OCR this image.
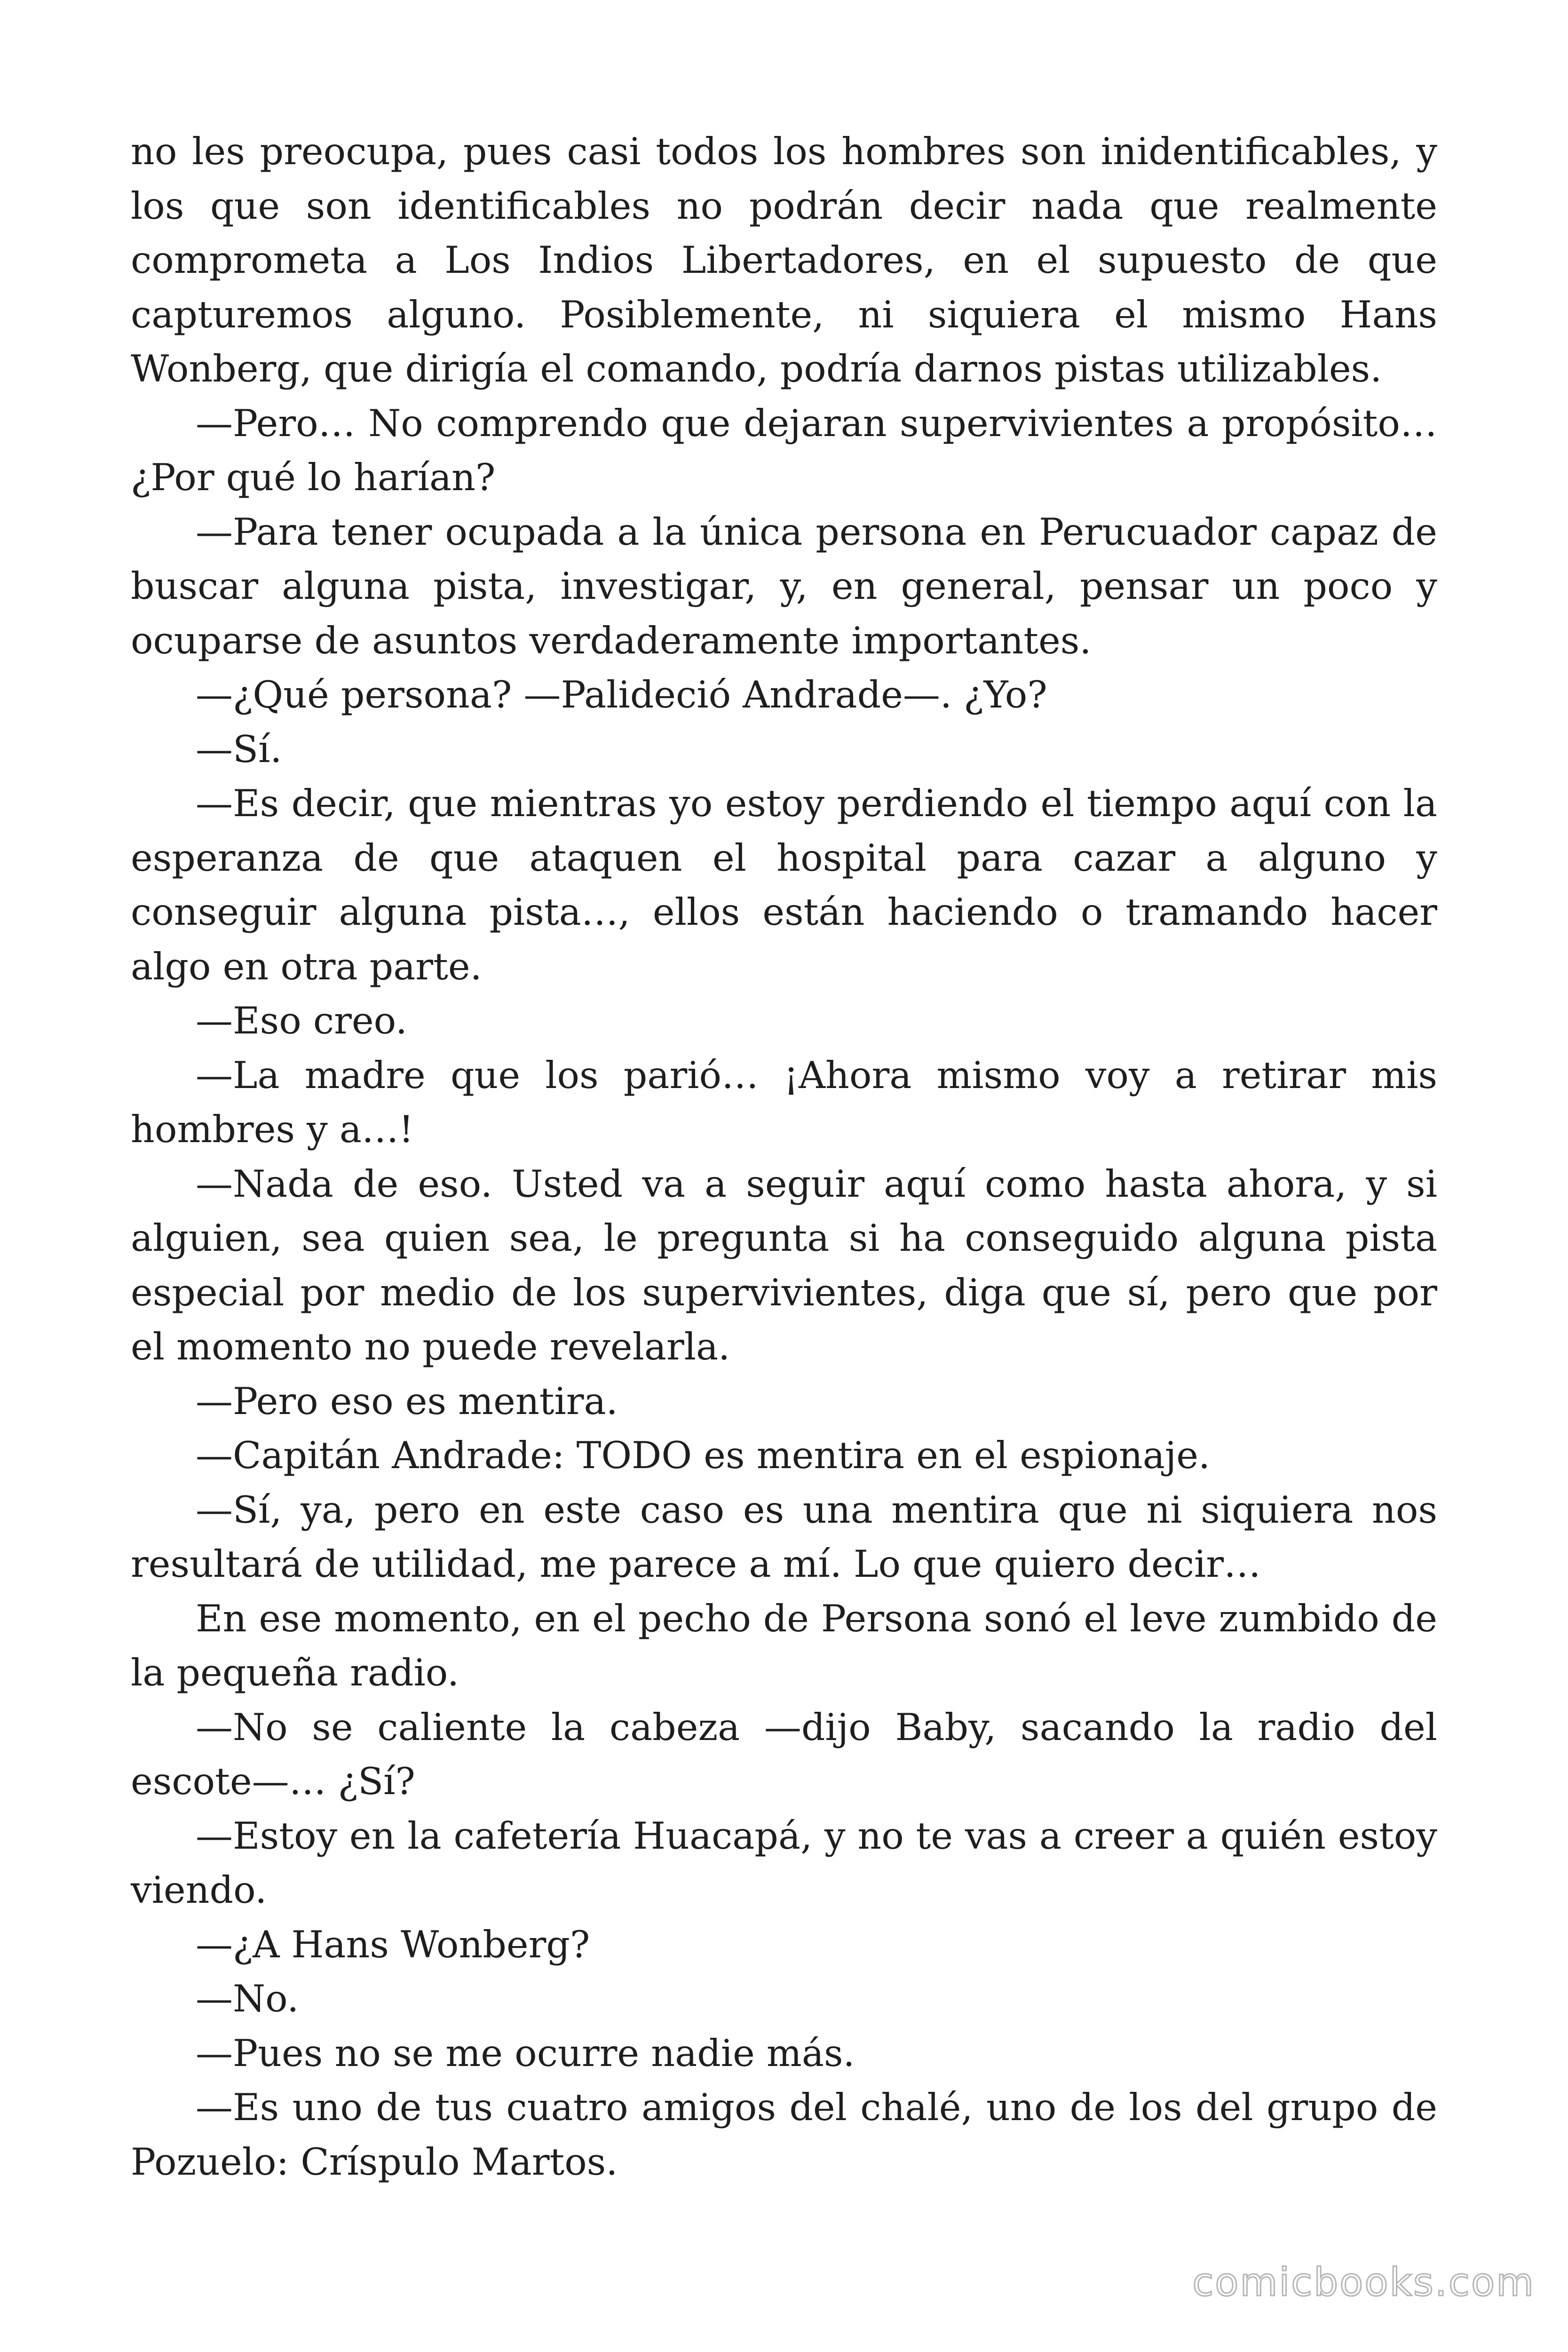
no les preocupa, pues casi todos los hombres son inidentificables, y los que son identificables no podrán decir nada que realmente comprometa a Los Indios Libertadores, en el supuesto de que capturemos alguno. Posiblemente, ni siquiera el mismo Hans Wonberg, que dirigía el comando, podría darnos pistas utilizables.

—Pero… No comprendo que dejaran supervivientes a propósito… ¿Por qué lo harían?

—Para tener ocupada a la única persona en Perucuador capaz de buscar alguna pista, investigar, y, en general, pensar un poco y ocuparse de asuntos verdaderamente importantes.

—¿Qué persona? —Palideció Andrade—. ¿Yo?

—Sí.

—Es decir, que mientras yo estoy perdiendo el tiempo aquí con la esperanza de que ataquen el hospital para cazar a alguno y conseguir alguna pista…, ellos están haciendo o tramando hacer algo en otra parte.

—Eso creo.

—La madre que los parió… ¡Ahora mismo voy a retirar mis hombres y a…!

—Nada de eso. Usted va a seguir aquí como hasta ahora, y si alguien, sea quien sea, le pregunta si ha conseguido alguna pista especial por medio de los supervivientes, diga que sí, pero que por el momento no puede revelarla.

—Pero eso es mentira.

—Capitán Andrade: TODO es mentira en el espionaje.

—Sí, ya, pero en este caso es una mentira que ni siquiera nos resultará de utilidad, me parece a mí. Lo que quiero decir…

En ese momento, en el pecho de Persona sonó el leve zumbido de la pequeña radio.

—No se caliente la cabeza —dijo Baby, sacando la radio del escote—… ¿Sí?

—Estoy en la cafetería Huacapá, y no te vas a creer a quién estoy viendo.

—¿A Hans Wonberg?

—No.

—Pues no se me ocurre nadie más.

—Es uno de tus cuatro amigos del chalé, uno de los del grupo de Pozuelo: Críspulo Martos.

comicbooks.com
